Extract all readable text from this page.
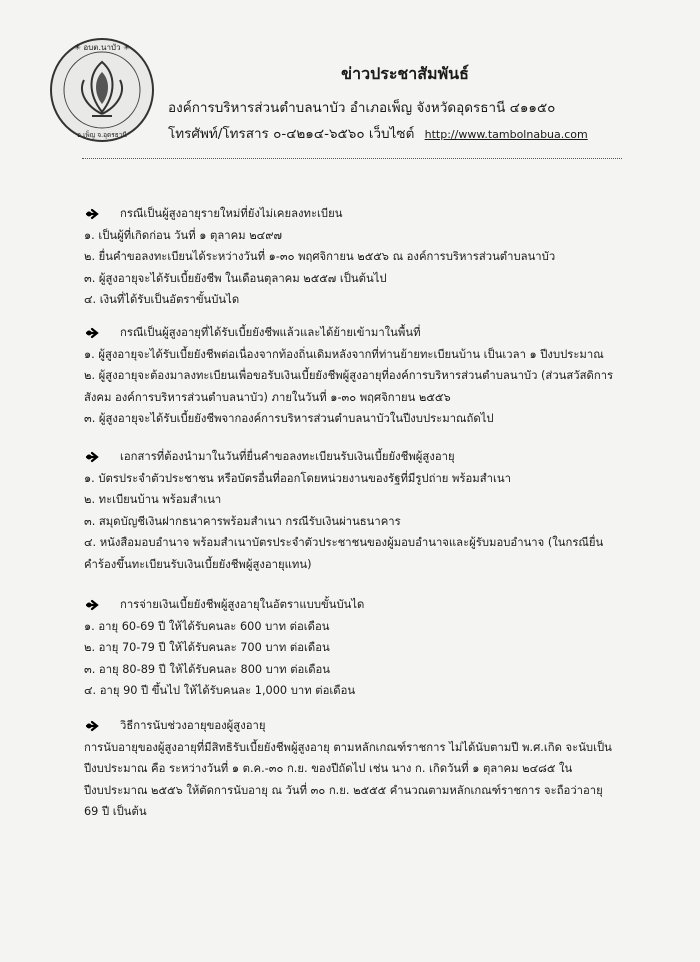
✳ อบต.นาบัว ✳
อ.เพ็ญ จ.อุดรธานี
ข่าวประชาสัมพันธ์
องค์การบริหารส่วนตำบลนาบัว อำเภอเพ็ญ จังหวัดอุดรธานี ๔๑๑๕๐
โทรศัพท์/โทรสาร ๐-๔๒๑๔-๖๕๖๐ เว็บไซต์ http://www.tambolnabua.com
กรณีเป็นผู้สูงอายุรายใหม่ที่ยังไม่เคยลงทะเบียน
๑. เป็นผู้ที่เกิดก่อน วันที่ ๑ ตุลาคม ๒๔๙๗
๒. ยื่นคำขอลงทะเบียนได้ระหว่างวันที่ ๑-๓๐ พฤศจิกายน ๒๕๕๖ ณ องค์การบริหารส่วนตำบลนาบัว
๓. ผู้สูงอายุจะได้รับเบี้ยยังชีพ ในเดือนตุลาคม ๒๕๕๗ เป็นต้นไป
๔. เงินที่ได้รับเป็นอัตราขั้นบันได
กรณีเป็นผู้สูงอายุที่ได้รับเบี้ยยังชีพแล้วและได้ย้ายเข้ามาในพื้นที่
๑. ผู้สูงอายุจะได้รับเบี้ยยังชีพต่อเนื่องจากท้องถิ่นเดิมหลังจากที่ท่านย้ายทะเบียนบ้าน เป็นเวลา ๑ ปีงบประมาณ
๒. ผู้สูงอายุจะต้องมาลงทะเบียนเพื่อขอรับเงินเบี้ยยังชีพผู้สูงอายุที่องค์การบริหารส่วนตำบลนาบัว (ส่วนสวัสดิการ
สังคม องค์การบริหารส่วนตำบลนาบัว) ภายในวันที่ ๑-๓๐ พฤศจิกายน ๒๕๕๖
๓. ผู้สูงอายุจะได้รับเบี้ยยังชีพจากองค์การบริหารส่วนตำบลนาบัวในปีงบประมาณถัดไป
เอกสารที่ต้องนำมาในวันที่ยื่นคำขอลงทะเบียนรับเงินเบี้ยยังชีพผู้สูงอายุ
๑. บัตรประจำตัวประชาชน หรือบัตรอื่นที่ออกโดยหน่วยงานของรัฐที่มีรูปถ่าย พร้อมสำเนา
๒. ทะเบียนบ้าน พร้อมสำเนา
๓. สมุดบัญชีเงินฝากธนาคารพร้อมสำเนา กรณีรับเงินผ่านธนาคาร
๔. หนังสือมอบอำนาจ พร้อมสำเนาบัตรประจำตัวประชาชนของผู้มอบอำนาจและผู้รับมอบอำนาจ (ในกรณียื่น
คำร้องขึ้นทะเบียนรับเงินเบี้ยยังชีพผู้สูงอายุแทน)
การจ่ายเงินเบี้ยยังชีพผู้สูงอายุในอัตราแบบขั้นบันได
๑. อายุ 60-69 ปี ให้ได้รับคนละ 600 บาท ต่อเดือน
๒. อายุ 70-79 ปี ให้ได้รับคนละ 700 บาท ต่อเดือน
๓. อายุ 80-89 ปี ให้ได้รับคนละ 800 บาท ต่อเดือน
๔. อายุ 90 ปี ขึ้นไป ให้ได้รับคนละ 1,000 บาท ต่อเดือน
วิธีการนับช่วงอายุของผู้สูงอายุ
การนับอายุของผู้สูงอายุที่มีสิทธิรับเบี้ยยังชีพผู้สูงอายุ ตามหลักเกณฑ์ราชการ ไม่ได้นับตามปี พ.ศ.เกิด จะนับเป็น
ปีงบประมาณ คือ ระหว่างวันที่ ๑ ต.ค.-๓๐ ก.ย. ของปีถัดไป เช่น นาง ก. เกิดวันที่ ๑ ตุลาคม ๒๔๘๕ ใน
ปีงบประมาณ ๒๕๕๖ ให้ตัดการนับอายุ ณ วันที่ ๓๐ ก.ย. ๒๕๕๕ คำนวณตามหลักเกณฑ์ราชการ จะถือว่าอายุ
69 ปี เป็นต้น
